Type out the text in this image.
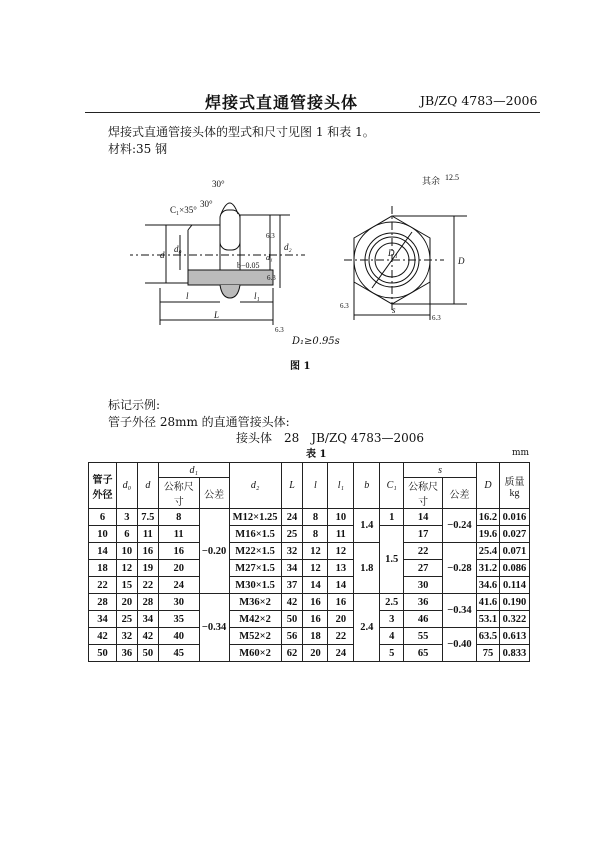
焊接式直通管接头体	JB/ZQ 4783—2006
焊接式直通管接头体的型式和尺寸见图 1 和表 1。
材料:35 钢
30°
30°
C₁×35°
d
d₀	d₂
d₁
b−0.05
6.3
6.3
6.3
l	l₁
L
D₁
D
s
6.3
6.3
其余 12.5
D₁≥0.95s
图 1
标记示例:
管子外径 28mm 的直通管接头体:
接头体　28　JB/ZQ 4783—2006
表 1	mm
管子外径	d₀	d	d₁		d₂	L	l	l₁	b	C₁	s		D	质量 kg
			公称尺寸	公差							公称尺寸	公差		
6	3	7.5	8	−0.20	M12×1.25	24	8	10	1.4	1	14	−0.24	16.2	0.016
10	6	11	11		M16×1.5	25	8	11		1.5	17		19.6	0.027
14	10	16	16		M22×1.5	32	12	12	1.8		22	−0.28	25.4	0.071
18	12	19	20		M27×1.5	34	12	13			27		31.2	0.086
22	15	22	24		M30×1.5	37	14	14			30		34.6	0.114
28	20	28	30	−0.34	M36×2	42	16	16	2.4	2.5	36	−0.34	41.6	0.190
34	25	34	35		M42×2	50	16	20		3	46		53.1	0.322
42	32	42	40		M52×2	56	18	22		4	55	−0.40	63.5	0.613
50	36	50	45		M60×2	62	20	24		5	65		75	0.833
